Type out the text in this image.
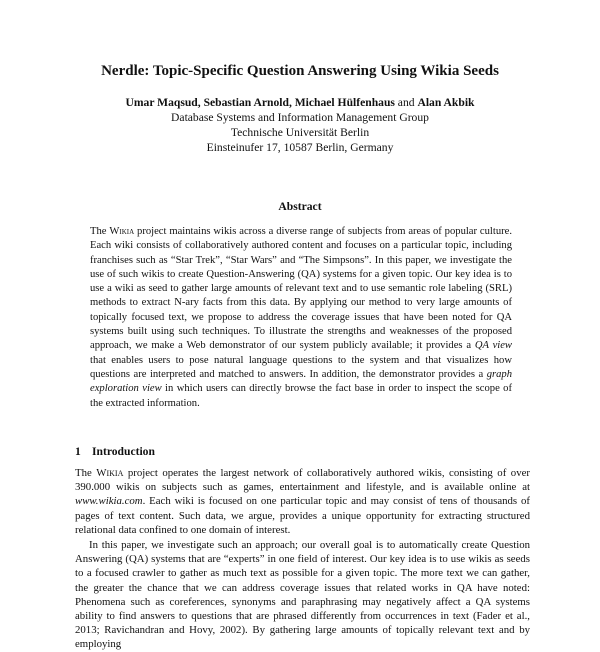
Nerdle: Topic-Specific Question Answering Using Wikia Seeds
Umar Maqsud, Sebastian Arnold, Michael Hülfenhaus and Alan Akbik
Database Systems and Information Management Group
Technische Universität Berlin
Einsteinufer 17, 10587 Berlin, Germany
Abstract
The Wikia project maintains wikis across a diverse range of subjects from areas of popular culture. Each wiki consists of collaboratively authored content and focuses on a particular topic, including franchises such as “Star Trek”, “Star Wars” and “The Simpsons”. In this paper, we investigate the use of such wikis to create Question-Answering (QA) systems for a given topic. Our key idea is to use a wiki as seed to gather large amounts of relevant text and to use semantic role labeling (SRL) methods to extract N-ary facts from this data. By applying our method to very large amounts of topically focused text, we propose to address the coverage issues that have been noted for QA systems built using such techniques. To illustrate the strengths and weaknesses of the proposed approach, we make a Web demonstrator of our system publicly available; it provides a QA view that enables users to pose natural language questions to the system and that visualizes how questions are interpreted and matched to answers. In addition, the demonstrator provides a graph exploration view in which users can directly browse the fact base in order to inspect the scope of the extracted information.
1 Introduction

The Wikia project operates the largest network of collaboratively authored wikis, consisting of over 390.000 wikis on subjects such as games, entertainment and lifestyle, and is available online at www.wikia.com. Each wiki is focused on one particular topic and may consist of tens of thousands of pages of text content. Such data, we argue, provides a unique opportunity for extracting structured relational data confined to one domain of interest.

In this paper, we investigate such an approach; our overall goal is to automatically create Question Answering (QA) systems that are “experts” in one field of interest. Our key idea is to use wikis as seeds to a focused crawler to gather as much text as possible for a given topic. The more text we can gather, the greater the chance that we can address coverage issues that related works in QA have noted: Phenomena such as coreferences, synonyms and paraphrasing may negatively affect a QA systems ability to find answers to questions that are phrased differently from occurrences in text (Fader et al., 2013; Ravichandran and Hovy, 2002). By gathering large amounts of topically relevant text and by employing
